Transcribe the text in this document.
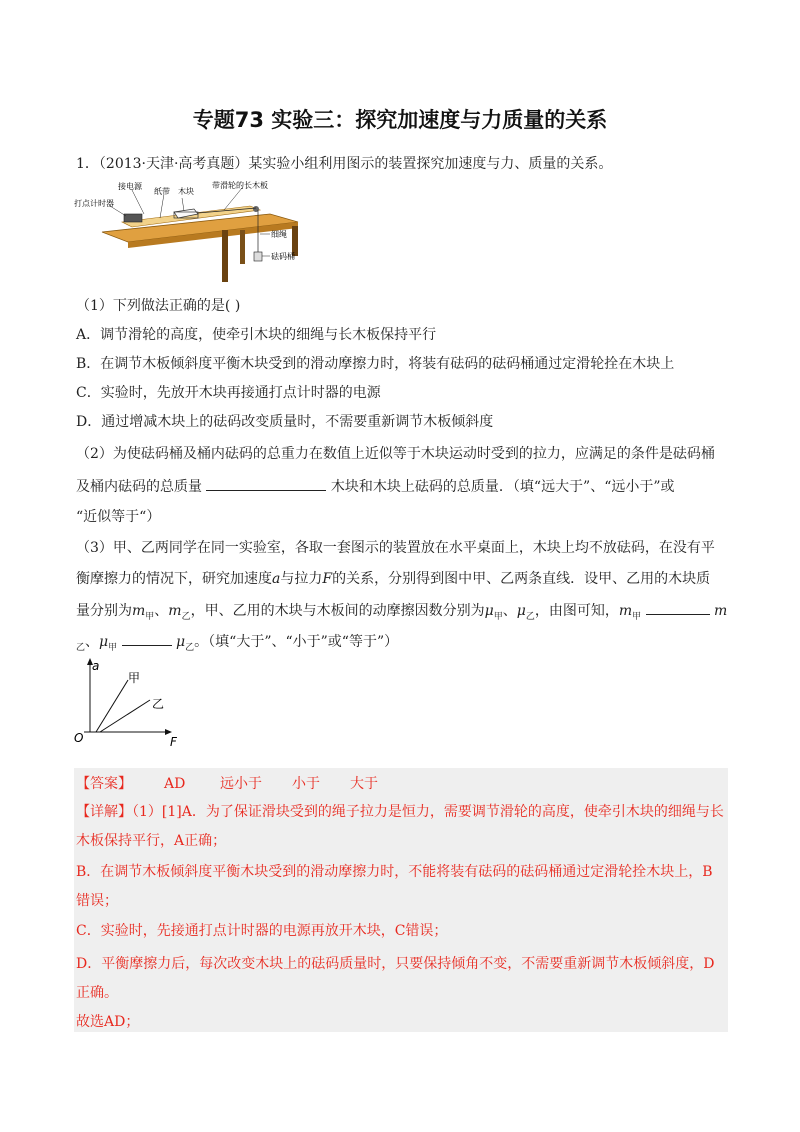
专题73 实验三：探究加速度与力质量的关系
1．（2013·天津·高考真题）某实验小组利用图示的装置探究加速度与力、质量的关系。
接电源
纸带 木块
带滑轮的长木板
打点计时器
细绳
砝码桶
（1）下列做法正确的是( )
A．调节滑轮的高度，使牵引木块的细绳与长木板保持平行
B．在调节木板倾斜度平衡木块受到的滑动摩擦力时，将装有砝码的砝码桶通过定滑轮拴在木块上
C．实验时，先放开木块再接通打点计时器的电源
D．通过增减木块上的砝码改变质量时，不需要重新调节木板倾斜度
（2）为使砝码桶及桶内砝码的总重力在数值上近似等于木块运动时受到的拉力，应满足的条件是砝码桶
及桶内砝码的总质量	木块和木块上砝码的总质量．（填“远大于”、“远小于”或
“近似等于“）
（3）甲、乙两同学在同一实验室，各取一套图示的装置放在水平桌面上，木块上均不放砝码，在没有平
衡摩擦力的情况下，研究加速度a与拉力F的关系，分别得到图中甲、乙两条直线．设甲、乙用的木块质
量分别为$m_甲$、$m_乙$，甲、乙用的木块与木板间的动摩擦因数分别为$\mu_甲$、$\mu_乙$，由图可知，$m_甲$	m
$_乙$、$\mu_甲$	$\mu_乙$。（填“大于”、“小于”或“等于”）
a
F
O
甲
乙
【答案】 AD 远小于 小于 大于
【详解】（1）[1]A．为了保证滑块受到的绳子拉力是恒力，需要调节滑轮的高度，使牵引木块的细绳与长
木板保持平行，A正确；
B．在调节木板倾斜度平衡木块受到的滑动摩擦力时，不能将装有砝码的砝码桶通过定滑轮拴木块上，B
错误；
C．实验时，先接通打点计时器的电源再放开木块，C错误；
D．平衡摩擦力后，每次改变木块上的砝码质量时，只要保持倾角不变，不需要重新调节木板倾斜度，D
正确。
故选AD；
